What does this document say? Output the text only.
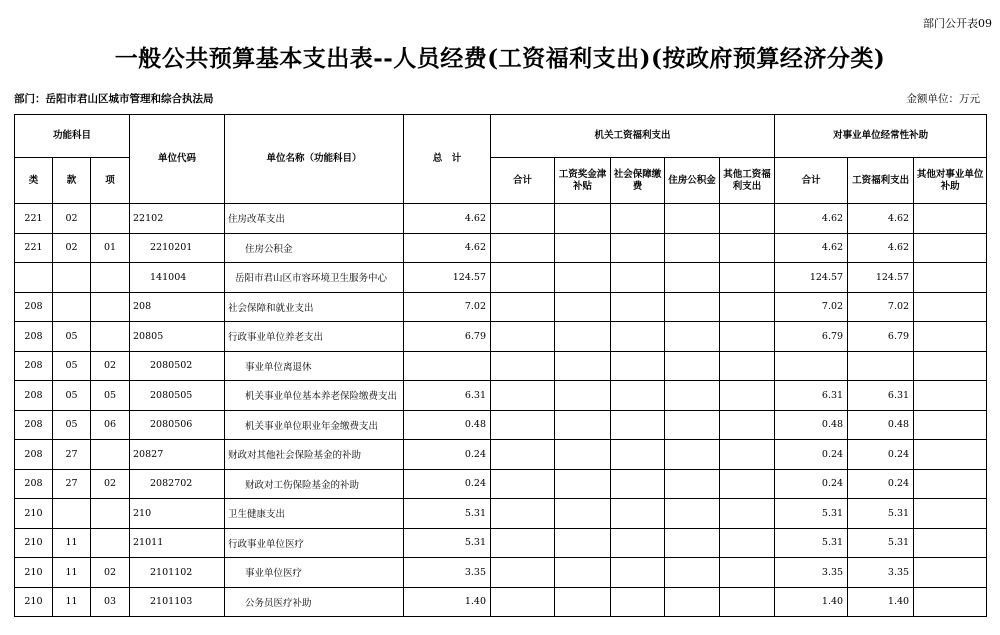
部门公开表09
一般公共预算基本支出表--人员经费(工资福利支出)(按政府预算经济分类)
部门：岳阳市君山区城市管理和综合执法局	金额单位：万元
功能科目			单位代码	单位名称（功能科目）	总　计	机关工资福利支出					对事业单位经常性补助		
类	款	项				合计	工资奖金津补贴	社会保障缴费	住房公积金	其他工资福利支出	合计	工资福利支出	其他对事业单位补助
221	02		22102	住房改革支出	4.62						4.62	4.62	
221	02	01	2210201	住房公积金	4.62						4.62	4.62	
			141004	岳阳市君山区市容环境卫生服务中心	124.57						124.57	124.57	
208			208	社会保障和就业支出	7.02						7.02	7.02	
208	05		20805	行政事业单位养老支出	6.79						6.79	6.79	
208	05	02	2080502	事业单位离退休									
208	05	05	2080505	机关事业单位基本养老保险缴费支出	6.31						6.31	6.31	
208	05	06	2080506	机关事业单位职业年金缴费支出	0.48						0.48	0.48	
208	27		20827	财政对其他社会保险基金的补助	0.24						0.24	0.24	
208	27	02	2082702	财政对工伤保险基金的补助	0.24						0.24	0.24	
210			210	卫生健康支出	5.31						5.31	5.31	
210	11		21011	行政事业单位医疗	5.31						5.31	5.31	
210	11	02	2101102	事业单位医疗	3.35						3.35	3.35	
210	11	03	2101103	公务员医疗补助	1.40						1.40	1.40	
